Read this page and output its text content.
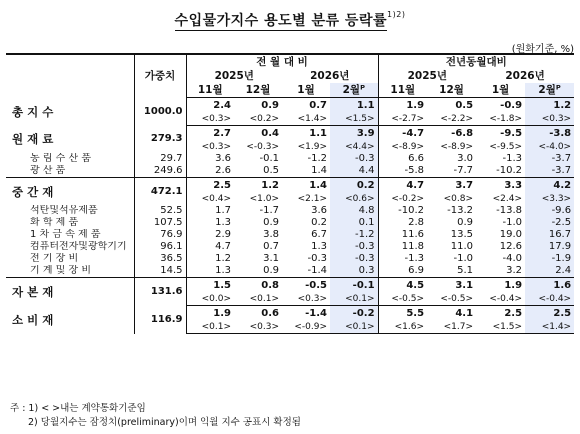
수입물가지수 용도별 분류 등락률$^{1)2)}$
(원화기준, %)
	가중치	전 월 대 비				전년동월대비			
		2025년		2026년		2025년		2026년	
		11월	12월	1월	2월ᴾ	11월	12월	1월	2월ᴾ
총 지 수	1000.0	2.4	0.9	0.7	1.1	1.9	0.5	-0.9	1.2
		<0.3>	<0.2>	<1.4>	<1.5>	<-2.7>	<-2.2>	<-1.8>	<0.3>
원 재 료	279.3	2.7	0.4	1.1	3.9	-4.7	-6.8	-9.5	-3.8
		<0.3>	<-0.3>	<1.9>	<4.4>	<-8.9>	<-8.9>	<-9.5>	<-4.0>
농 림 수 산 품	29.7	3.6	-0.1	-1.2	-0.3	6.6	3.0	-1.3	-3.7
광 산 품	249.6	2.6	0.5	1.4	4.4	-5.8	-7.7	-10.2	-3.7
중 간 재	472.1	2.5	1.2	1.4	0.2	4.7	3.7	3.3	4.2
		<0.4>	<1.0>	<2.1>	<0.6>	<-0.2>	<0.8>	<2.4>	<3.3>
석탄및석유제품	52.5	1.7	-1.7	3.6	4.8	-10.2	-13.2	-13.8	-9.6
화 학 제 품	107.5	1.3	0.9	0.2	0.1	2.8	0.9	-1.0	-2.5
1 차 금 속 제 품	76.9	2.9	3.8	6.7	-1.2	11.6	13.5	19.0	16.7
컴퓨터전자및광학기기	96.1	4.7	0.7	1.3	-0.3	11.8	11.0	12.6	17.9
전 기 장 비	36.5	1.2	3.1	-0.3	-0.3	-1.3	-1.0	-4.0	-1.9
기 계 및 장 비	14.5	1.3	0.9	-1.4	0.3	6.9	5.1	3.2	2.4
자 본 재	131.6	1.5	0.8	-0.5	-0.1	4.5	3.1	1.9	1.6
		<0.0>	<0.1>	<0.3>	<0.1>	<-0.5>	<-0.5>	<-0.4>	<-0.4>
소 비 재	116.9	1.9	0.6	-1.4	-0.2	5.5	4.1	2.5	2.5
		<0.1>	<0.3>	<-0.9>	<0.1>	<1.6>	<1.7>	<1.5>	<1.4>
주 : 1) < >내는 계약통화기준임
2) 당월지수는 잠정치(preliminary)이며 익월 지수 공표시 확정됨
